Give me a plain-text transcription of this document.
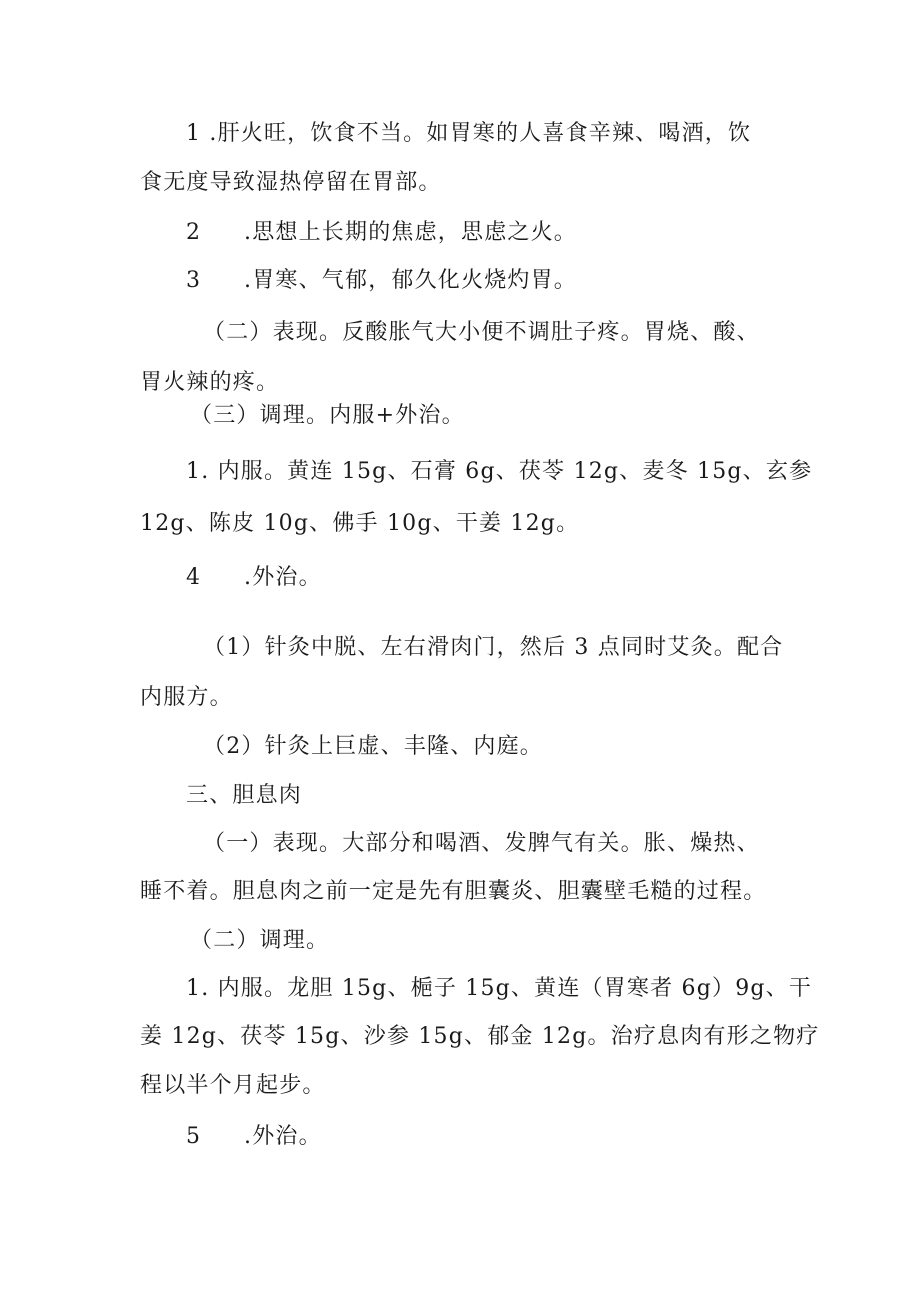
1 .肝火旺，饮食不当。如胃寒的人喜食辛辣、喝酒，饮
食无度导致湿热停留在胃部。
2 .思想上长期的焦虑，思虑之火。
3 .胃寒、气郁，郁久化火烧灼胃。
（二）表现。反酸胀气大小便不调肚子疼。胃烧、酸、
胃火辣的疼。
（三）调理。内服+外治。
1. 内服。黄连 15g、石膏 6g、茯苓 12g、麦冬 15g、玄参
12g、陈皮 10g、佛手 10g、干姜 12g。
4 .外治。
（1）针灸中脱、左右滑肉门，然后 3 点同时艾灸。配合
内服方。
（2）针灸上巨虚、丰隆、内庭。
三、胆息肉
（一）表现。大部分和喝酒、发脾气有关。胀、燥热、
睡不着。胆息肉之前一定是先有胆囊炎、胆囊壁毛糙的过程。
（二）调理。
1. 内服。龙胆 15g、梔子 15g、黄连（胃寒者 6g）9g、干
姜 12g、茯苓 15g、沙参 15g、郁金 12g。治疗息肉有形之物疗
程以半个月起步。
5 .外治。
